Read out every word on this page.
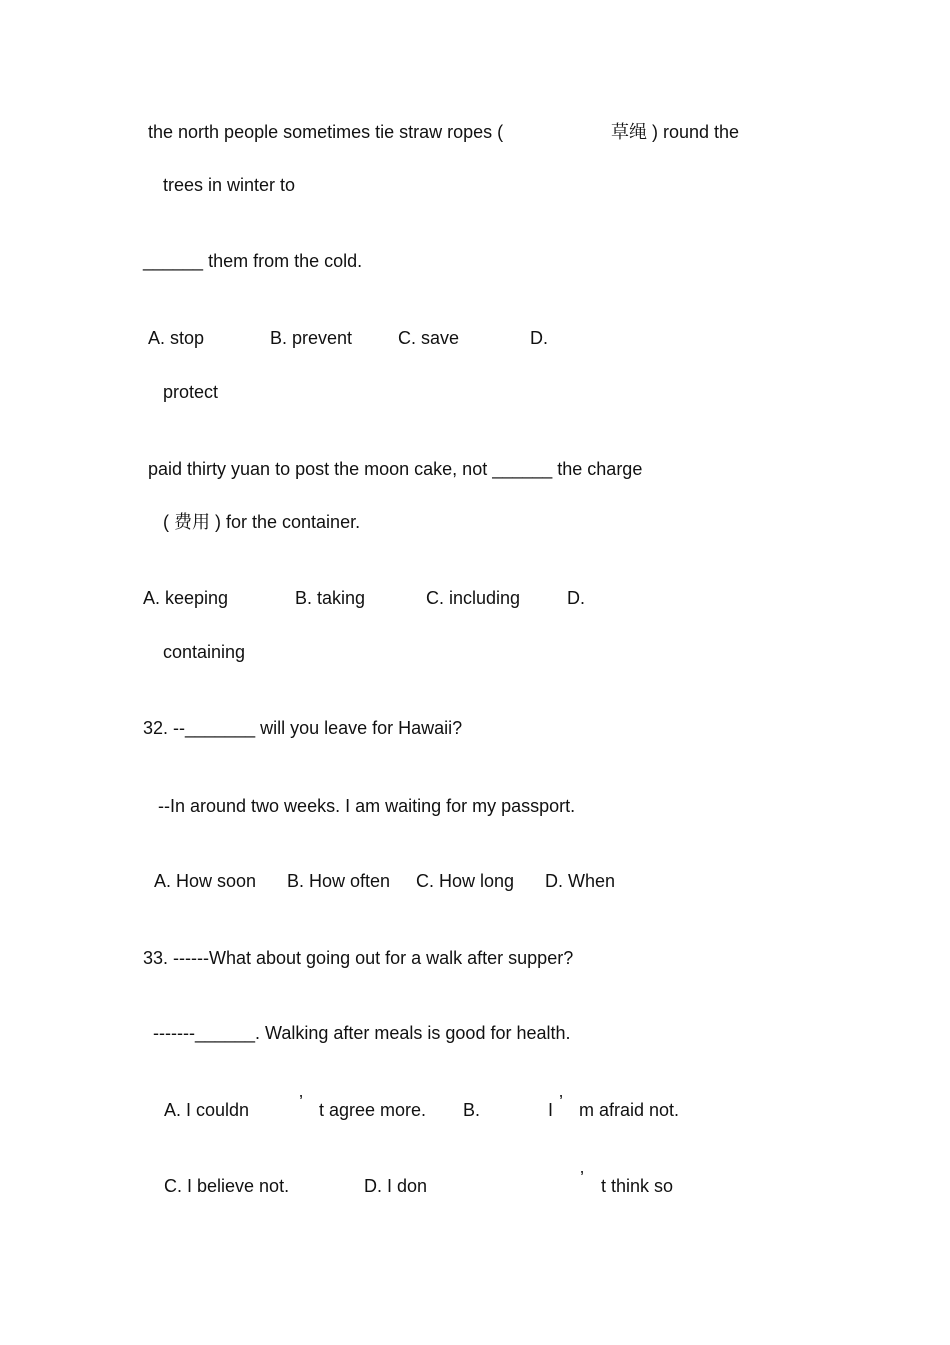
the north people sometimes tie straw ropes (	草绳 ) round the
trees in winter to
______ them from the cold.
A. stop	B. prevent	C. save	D.
protect
paid thirty yuan to post the moon cake, not ______ the charge
( 费用 ) for the container.
A. keeping	B. taking	C. including	D.
containing
32. --_______ will you leave for Hawaii?
--In around two weeks. I am waiting for my passport.
A. How soon B. How often C. How long D. When
33. ------What about going out for a walk after supper?
-------______. Walking after meals is good for health.
A. I couldn	’ t agree more. B.	I ’ m afraid not.
C. I believe not.	D. I don	’ t think so
